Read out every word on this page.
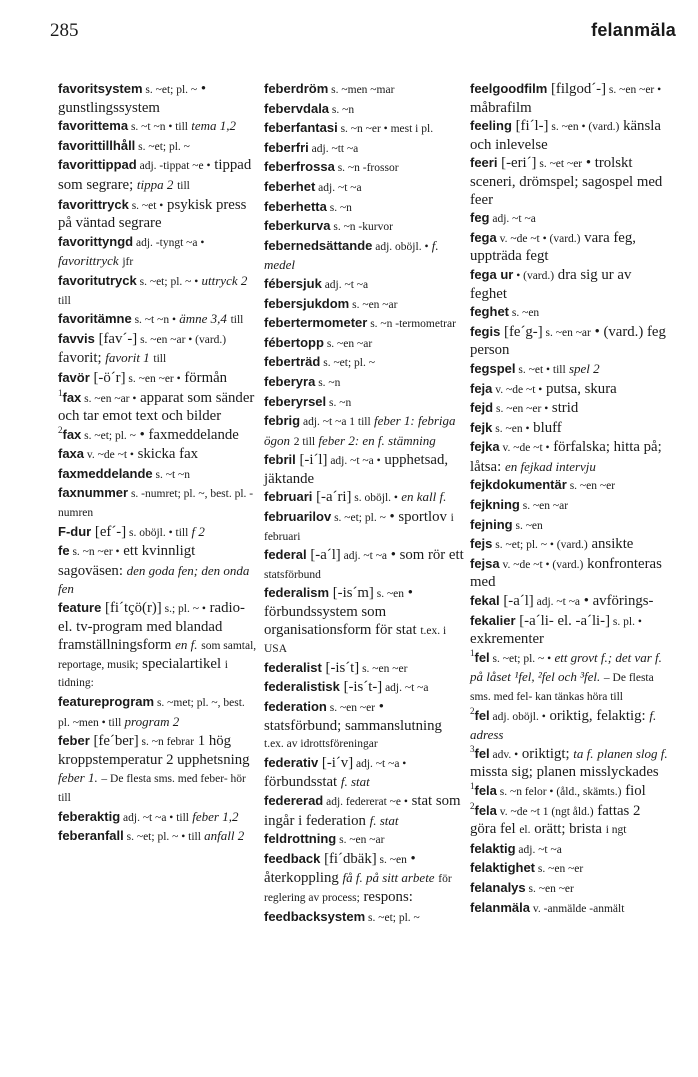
285	felanmäla

favoritsystem s. ~et; pl. ~ • gunstlingssystem

favorittema s. ~t ~n • till tema 1,2

favorittillhåll s. ~et; pl. ~

favorittippad adj. -tippat ~e • tippad som segrare; tippa 2 till

favorittryck s. ~et • psykisk press på väntad segrare

favorittyngd adj. -tyngt ~a • favorittryck jfr

favoritutryck s. ~et; pl. ~ • uttryck 2 till

favoritämne s. ~t ~n • ämne 3,4 till

favvis [fav´-] s. ~en ~ar • (vard.) favorit; favorit 1 till

favör [-ö´r] s. ~en ~er • förmån

$^1$fax s. ~en ~ar • apparat som sänder och tar emot text och bilder

$^2$fax s. ~et; pl. ~ • faxmeddelande

faxa v. ~de ~t • skicka fax

faxmeddelande s. ~t ~n

faxnummer s. -numret; pl. ~, best. pl. -numren

F-dur [ef´-] s. oböjl. • till f 2

fe s. ~n ~er • ett kvinnligt sagoväsen: den goda fen; den onda fen

feature [fi´tçö(r)] s.; pl. ~ • radio- el. tv-program med blandad framställningsform en f. som samtal, reportage, musik; specialartikel i tidning:

featureprogram s. ~met; pl. ~, best. pl. ~men • till program 2

feber [fe´ber] s. ~n febrar 1 hög kroppstemperatur 2 upphetsning feber 1. – De flesta sms. med feber- hör till

feberaktig adj. ~t ~a • till feber 1,2

feberanfall s. ~et; pl. ~ • till anfall 2

feberdröm s. ~men ~mar

febervdala s. ~n

feberfantasi s. ~n ~er • mest i pl.

feberfri adj. ~tt ~a

feberfrossa s. ~n -frossor

feberhet adj. ~t ~a

feberhetta s. ~n

feberkurva s. ~n -kurvor

febernedsättande adj. oböjl. • f. medel

fébersjuk adj. ~t ~a

febersjukdom s. ~en ~ar

febertermometer s. ~n -termometrar

fébertopp s. ~en ~ar

feberträd s. ~et; pl. ~

feberyra s. ~n

feberyrsel s. ~n

febrig adj. ~t ~a 1 till feber 1: febriga ögon 2 till feber 2: en f. stämning

febril [-i´l] adj. ~t ~a • upphetsad, jäktande

februari [-a´ri] s. oböjl. • en kall f.

februarilov s. ~et; pl. ~ • sportlov i februari

federal [-a´l] adj. ~t ~a • som rör ett statsförbund

federalism [-is´m] s. ~en • förbundssystem som organisationsform för stat t.ex. i USA

federalist [-is´t] s. ~en ~er

federalistisk [-is´t-] adj. ~t ~a

federation s. ~en ~er • statsförbund; sammanslutning t.ex. av idrottsföreningar

federativ [-i´v] adj. ~t ~a • förbundsstat f. stat

federerad adj. federerat ~e • stat som ingår i federation f. stat

feldrottning s. ~en ~ar

feedback [fi´dbäk] s. ~en • återkoppling få f. på sitt arbete för reglering av process; respons:

feedbacksystem s. ~et; pl. ~

feelgoodfilm [filgod´-] s. ~en ~er • måbrafilm

feeling [fi´l-] s. ~en • (vard.) känsla och inlevelse

feeri [-eri´] s. ~et ~er • trolskt sceneri, drömspel; sagospel med feer

feg adj. ~t ~a

fega v. ~de ~t • (vard.) vara feg, uppträda fegt

fega ur • (vard.) dra sig ur av feghet

feghet s. ~en

fegis [fe´g-] s. ~en ~ar • (vard.) feg person

fegspel s. ~et • till spel 2

feja v. ~de ~t • putsa, skura

fejd s. ~en ~er • strid

fejk s. ~en • bluff

fejka v. ~de ~t • förfalska; hitta på; låtsa: en fejkad intervju

fejkdokumentär s. ~en ~er

fejkning s. ~en ~ar

fejning s. ~en

fejs s. ~et; pl. ~ • (vard.) ansikte

fejsa v. ~de ~t • (vard.) konfronteras med

fekal [-a´l] adj. ~t ~a • avförings-

fekalier [-a´li- el. -a´li-] s. pl. • exkrementer

$^1$fel s. ~et; pl. ~ • ett grovt f.; det var f. på låset ¹fel, ²fel och ³fel. – De flesta sms. med fel- kan tänkas höra till

$^2$fel adj. oböjl. • oriktig, felaktig: f. adress

$^3$fel adv. • oriktigt; ta f. planen slog f. missta sig; planen misslyckades

$^1$fela s. ~n felor • (åld., skämts.) fiol

$^2$fela v. ~de ~t 1 (ngt åld.) fattas 2 göra fel el. orätt; brista i ngt

felaktig adj. ~t ~a

felaktighet s. ~en ~er

felanalys s. ~en ~er

felanmäla v. -anmälde -anmält
